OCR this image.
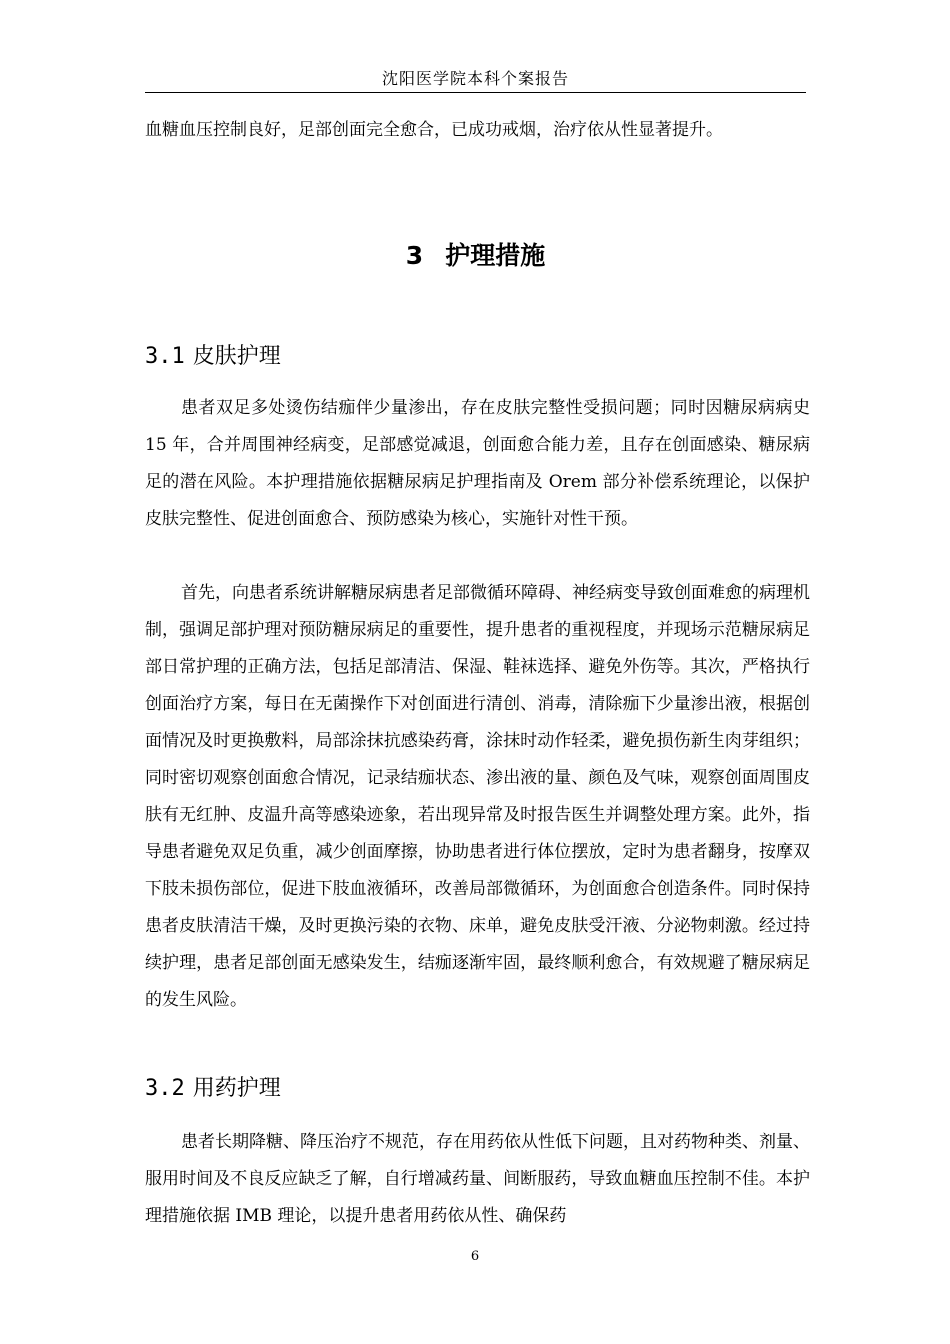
沈阳医学院本科个案报告

血糖血压控制良好，足部创面完全愈合，已成功戒烟，治疗依从性显著提升。

3 护理措施
3.1 皮肤护理

患者双足多处烫伤结痂伴少量渗出，存在皮肤完整性受损问题；同时因糖尿病病史 15 年，合并周围神经病变，足部感觉减退，创面愈合能力差，且存在创面感染、糖尿病足的潜在风险。本护理措施依据糖尿病足护理指南及 Orem 部分补偿系统理论，以保护皮肤完整性、促进创面愈合、预防感染为核心，实施针对性干预。

首先，向患者系统讲解糖尿病患者足部微循环障碍、神经病变导致创面难愈的病理机制，强调足部护理对预防糖尿病足的重要性，提升患者的重视程度，并现场示范糖尿病足部日常护理的正确方法，包括足部清洁、保湿、鞋袜选择、避免外伤等。其次，严格执行创面治疗方案，每日在无菌操作下对创面进行清创、消毒，清除痂下少量渗出液，根据创面情况及时更换敷料，局部涂抹抗感染药膏，涂抹时动作轻柔，避免损伤新生肉芽组织；同时密切观察创面愈合情况，记录结痂状态、渗出液的量、颜色及气味，观察创面周围皮肤有无红肿、皮温升高等感染迹象，若出现异常及时报告医生并调整处理方案。此外，指导患者避免双足负重，减少创面摩擦，协助患者进行体位摆放，定时为患者翻身，按摩双下肢未损伤部位，促进下肢血液循环，改善局部微循环，为创面愈合创造条件。同时保持患者皮肤清洁干燥，及时更换污染的衣物、床单，避免皮肤受汗液、分泌物刺激。经过持续护理，患者足部创面无感染发生，结痂逐渐牢固，最终顺利愈合，有效规避了糖尿病足的发生风险。

3.2 用药护理

患者长期降糖、降压治疗不规范，存在用药依从性低下问题，且对药物种类、剂量、服用时间及不良反应缺乏了解，自行增减药量、间断服药，导致血糖血压控制不佳。本护理措施依据 IMB 理论，以提升患者用药依从性、确保药

6
